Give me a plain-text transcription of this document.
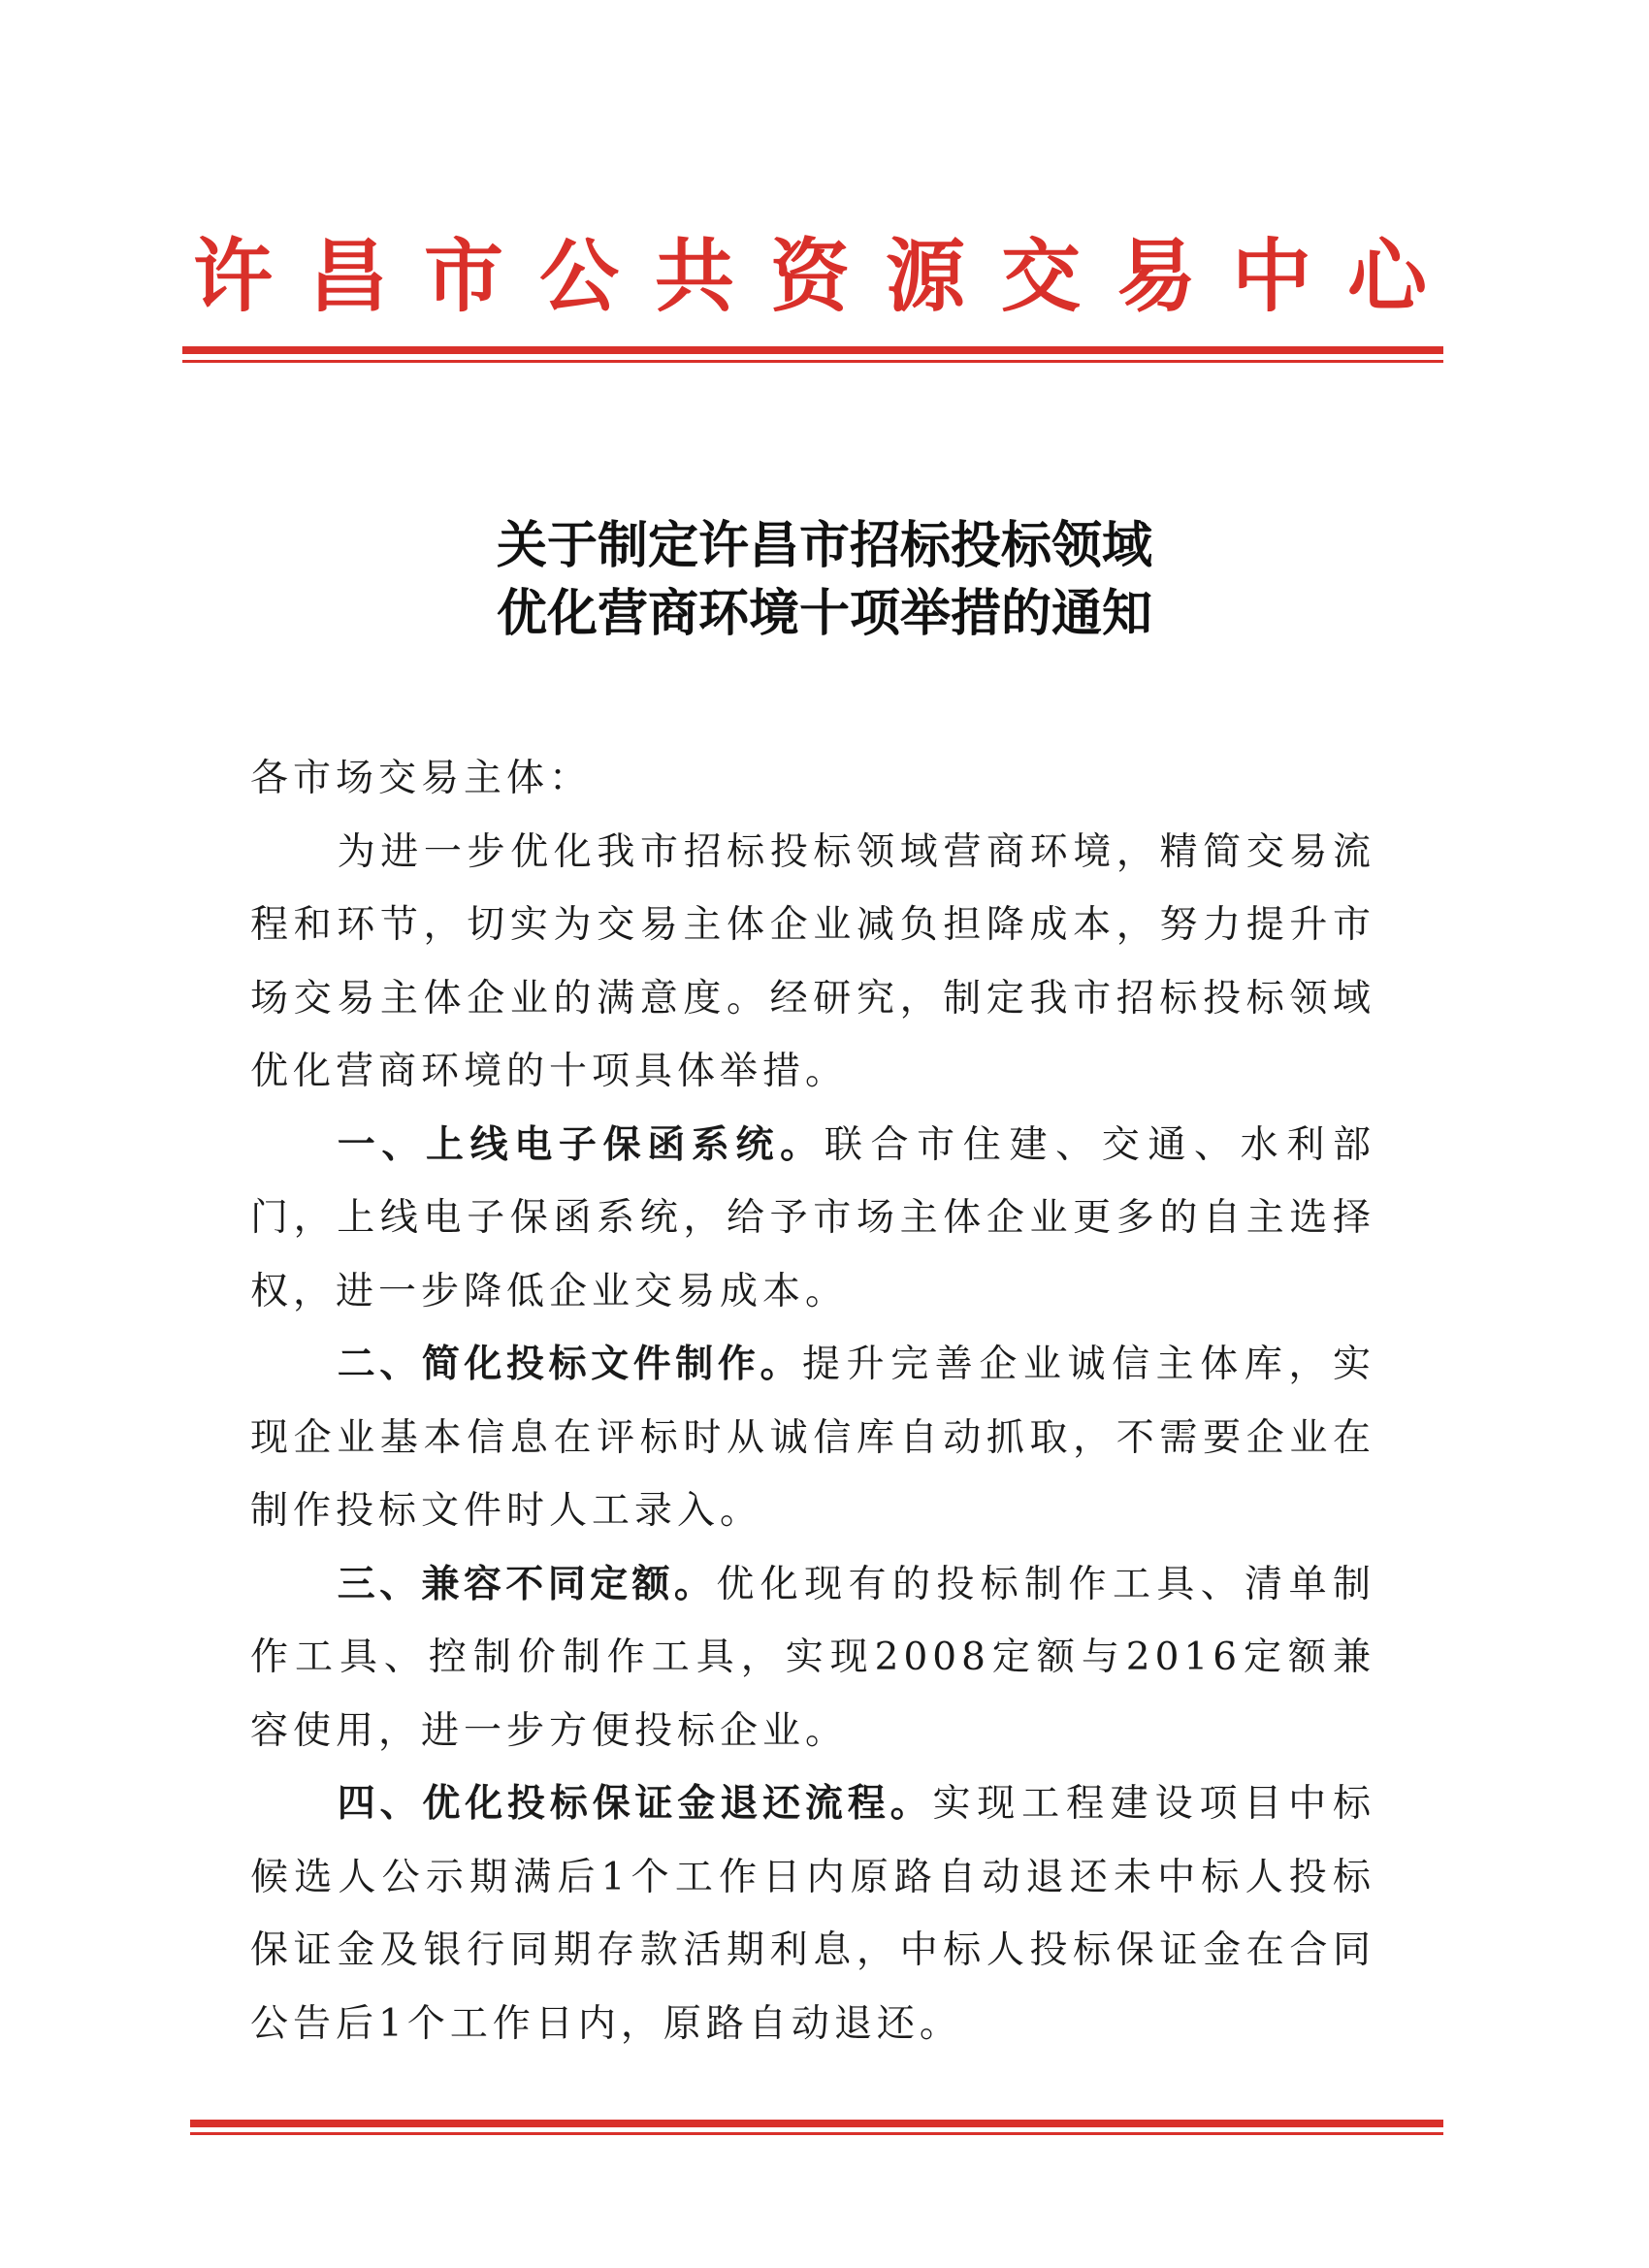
许 昌 市 公 共 资 源 交 易 中 心
关于制定许昌市招标投标领域
优化营商环境十项举措的通知

各市场交易主体：

为进一步优化我市招标投标领域营商环境，精简交易流程和环节，切实为交易主体企业减负担降成本，努力提升市场交易主体企业的满意度。经研究，制定我市招标投标领域优化营商环境的十项具体举措。

一、上线电子保函系统。联合市住建、交通、水利部门，上线电子保函系统，给予市场主体企业更多的自主选择权，进一步降低企业交易成本。

二、简化投标文件制作。提升完善企业诚信主体库，实现企业基本信息在评标时从诚信库自动抓取，不需要企业在制作投标文件时人工录入。

三、兼容不同定额。优化现有的投标制作工具、清单制作工具、控制价制作工具，实现2008定额与2016定额兼容使用，进一步方便投标企业。

四、优化投标保证金退还流程。实现工程建设项目中标候选人公示期满后1个工作日内原路自动退还未中标人投标保证金及银行同期存款活期利息，中标人投标保证金在合同公告后1个工作日内，原路自动退还。
